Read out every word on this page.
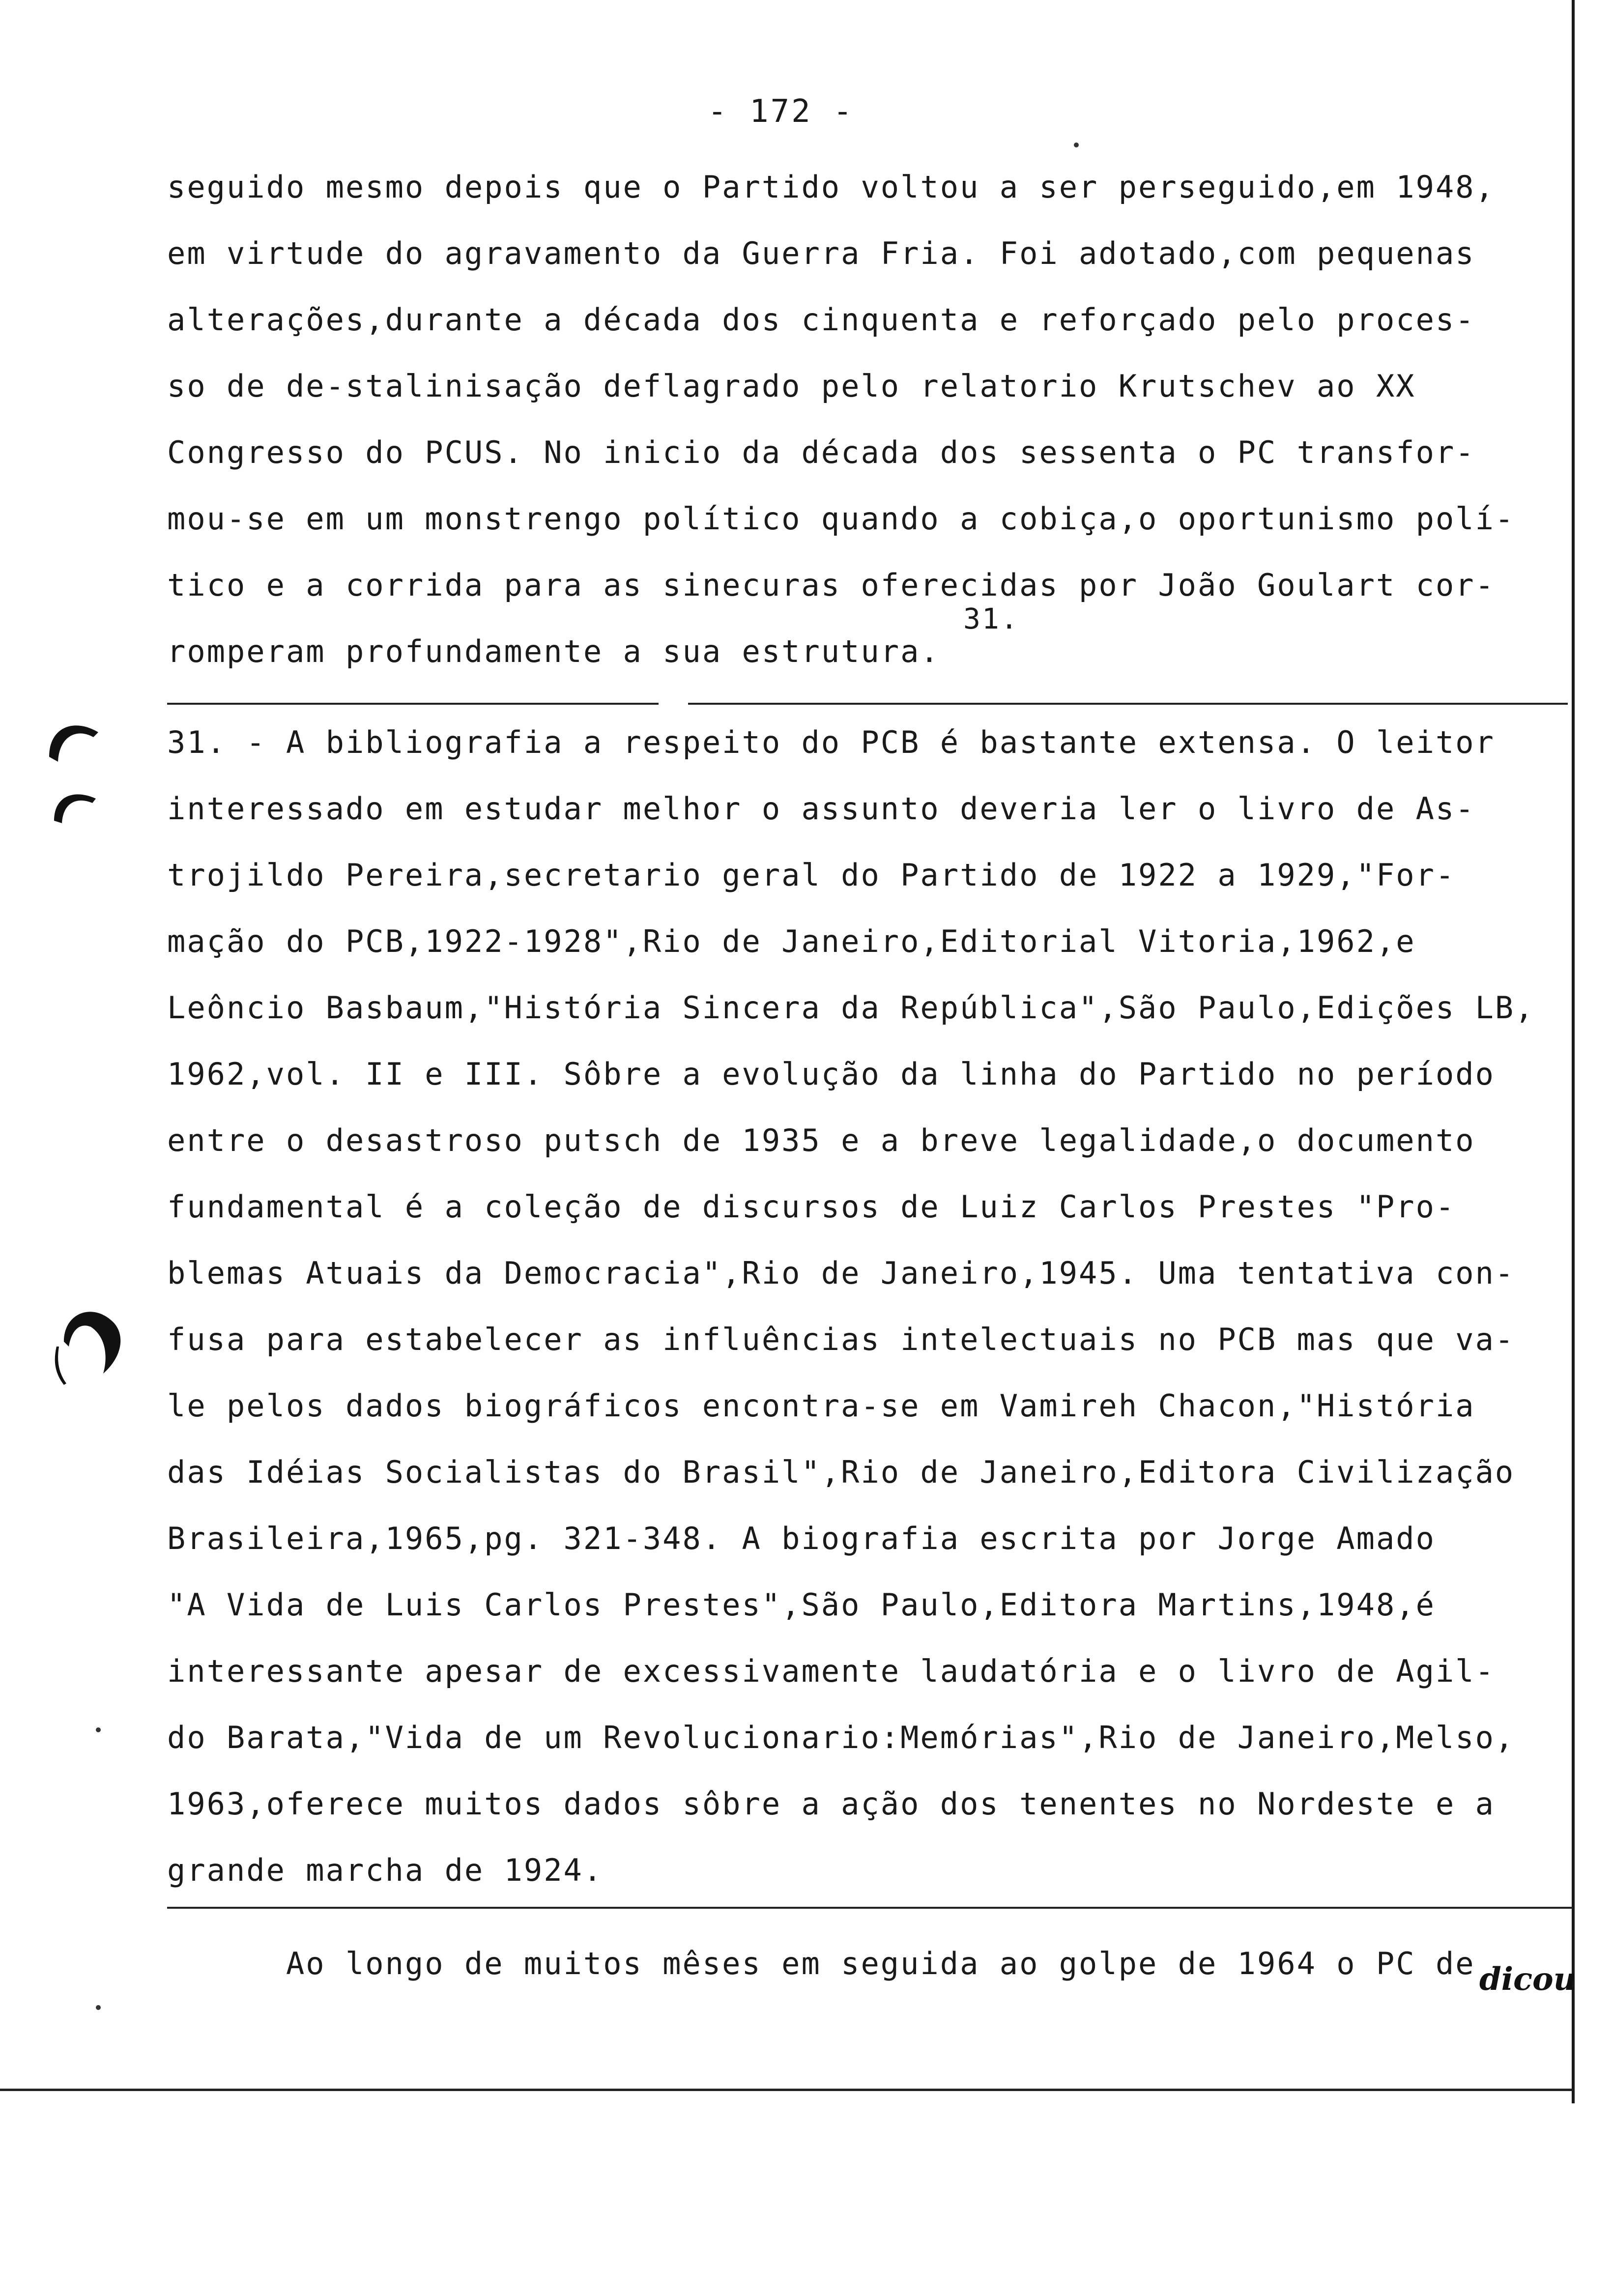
- 172 -
seguido mesmo depois que o Partido voltou a ser perseguido,em 1948,
em virtude do agravamento da Guerra Fria. Foi adotado,com pequenas
alterações,durante a década dos cinquenta e reforçado pelo proces-
so de de-stalinisação deflagrado pelo relatorio Krutschev ao XX
Congresso do PCUS. No inicio da década dos sessenta o PC transfor-
mou-se em um monstrengo político quando a cobiça,o oportunismo polí-
tico e a corrida para as sinecuras oferecidas por João Goulart cor-
31.
romperam profundamente a sua estrutura.
31. - A bibliografia a respeito do PCB é bastante extensa. O leitor
interessado em estudar melhor o assunto deveria ler o livro de As-
trojildo Pereira,secretario geral do Partido de 1922 a 1929,"For-
mação do PCB,1922-1928",Rio de Janeiro,Editorial Vitoria,1962,e
Leôncio Basbaum,"História Sincera da República",São Paulo,Edições LB,
1962,vol. II e III. Sôbre a evolução da linha do Partido no período
entre o desastroso putsch de 1935 e a breve legalidade,o documento
fundamental é a coleção de discursos de Luiz Carlos Prestes "Pro-
blemas Atuais da Democracia",Rio de Janeiro,1945. Uma tentativa con-
fusa para estabelecer as influências intelectuais no PCB mas que va-
le pelos dados biográficos encontra-se em Vamireh Chacon,"História
das Idéias Socialistas do Brasil",Rio de Janeiro,Editora Civilização
Brasileira,1965,pg. 321-348. A biografia escrita por Jorge Amado
"A Vida de Luis Carlos Prestes",São Paulo,Editora Martins,1948,é
interessante apesar de excessivamente laudatória e o livro de Agil-
do Barata,"Vida de um Revolucionario:Memórias",Rio de Janeiro,Melso,
1963,oferece muitos dados sôbre a ação dos tenentes no Nordeste e a
grande marcha de 1924.
Ao longo de muitos mêses em seguida ao golpe de 1964 o PC de dicou
